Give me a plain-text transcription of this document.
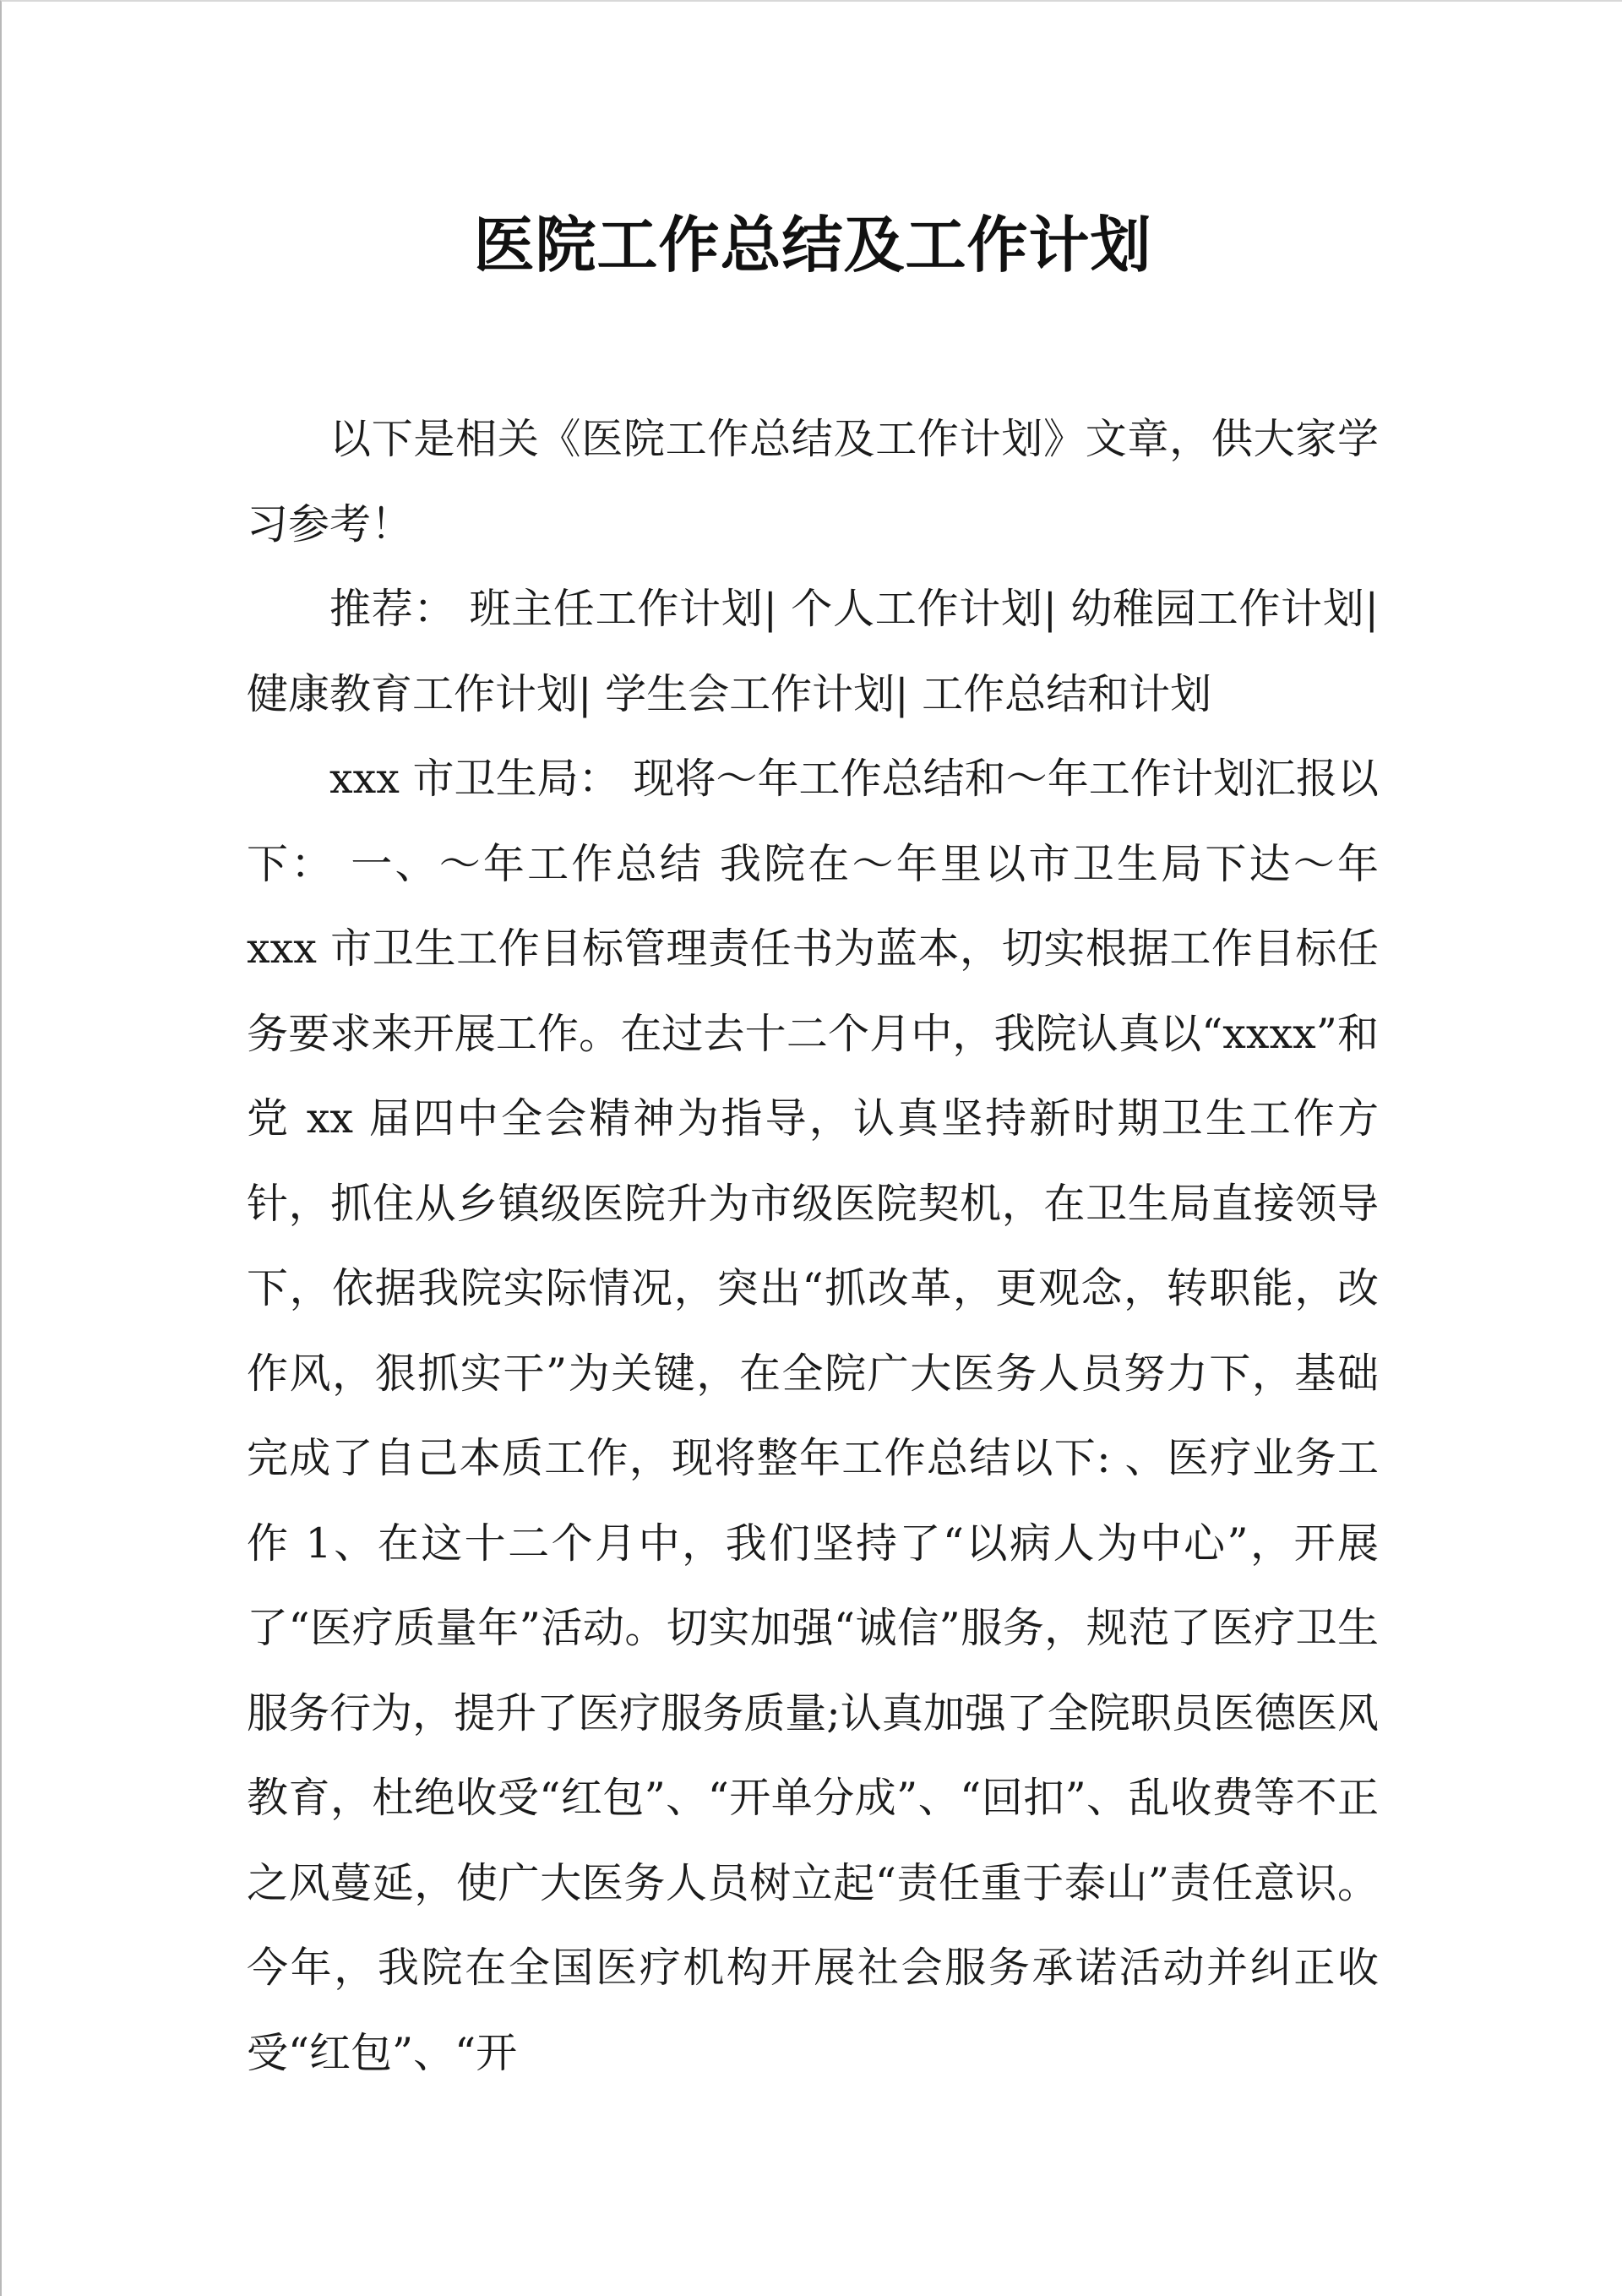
医院工作总结及工作计划

以下是相关《医院工作总结及工作计划》文章，供大家学习参考！

推荐： 班主任工作计划| 个人工作计划| 幼稚园工作计划| 健康教育工作计划| 学生会工作计划| 工作总结和计划

xxx 市卫生局： 现将～年工作总结和～年工作计划汇报以下： 一、～年工作总结 我院在～年里以市卫生局下达～年 xxx 市卫生工作目标管理责任书为蓝本，切实根据工作目标任务要求来开展工作。在过去十二个月中，我院认真以“xxxx”和党 xx 届四中全会精神为指导，认真坚持新时期卫生工作方针，抓住从乡镇级医院升为市级医院契机，在卫生局直接领导下，依据我院实际情况，突出“抓改革，更观念，转职能，改作风，狠抓实干”为关键，在全院广大医务人员努力下，基础完成了自己本质工作，现将整年工作总结以下: 、医疗业务工作 1、在这十二个月中，我们坚持了“以病人为中心”，开展了“医疗质量年”活动。切实加强“诚信”服务，规范了医疗卫生服务行为，提升了医疗服务质量;认真加强了全院职员医德医风教育，杜绝收受“红包”、“开单分成”、“回扣”、乱收费等不正之风蔓延，使广大医务人员树立起“责任重于泰山”责任意识。今年，我院在全国医疗机构开展社会服务承诺活动并纠正收受“红包”、“开
